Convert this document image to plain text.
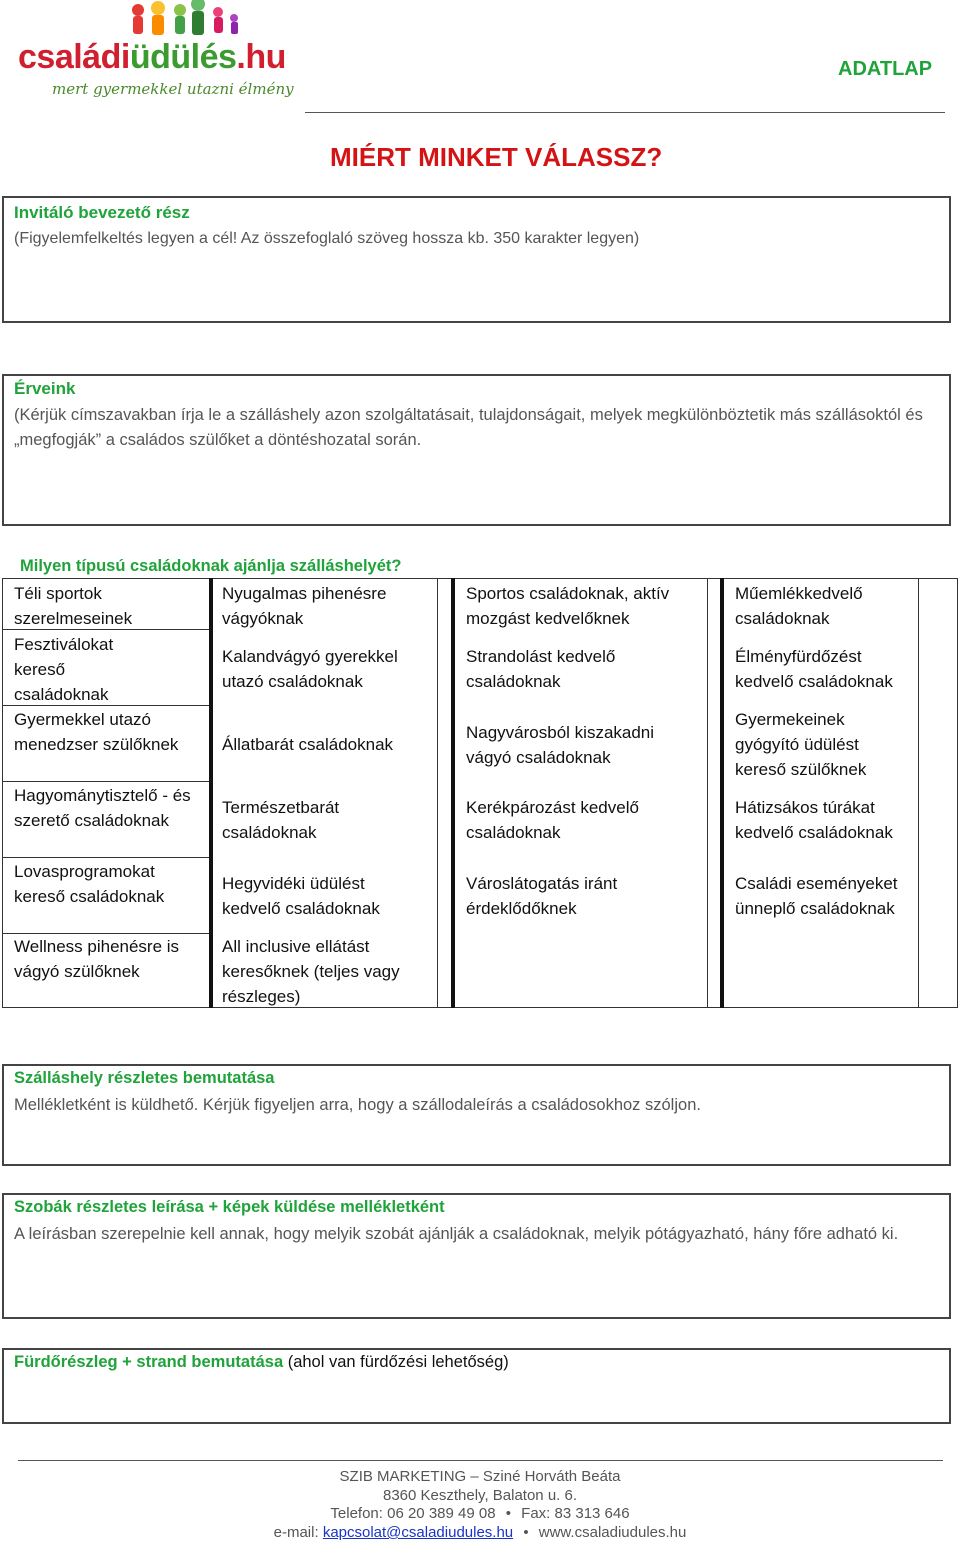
családiüdülés.hu
mert gyermekkel utazni élmény
ADATLAP
MIÉRT MINKET VÁLASSZ?
Invitáló bevezető rész
(Figyelemfelkeltés legyen a cél! Az összefoglaló szöveg hossza kb. 350 karakter legyen)
Érveink
(Kérjük címszavakban írja le a szálláshely azon szolgáltatásait, tulajdonságait, melyek megkülönböztetik más szállásoktól és „megfogják” a családos szülőket a döntéshozatal során.
Milyen típusú családoknak ajánlja szálláshelyét?
Téli sportok szerelmeseinek
Fesztiválokat kereső családoknak
Gyermekkel utazó menedzser szülőknek
Hagyománytisztelő - és szerető családoknak
Lovasprogramokat kereső családoknak
Wellness pihenésre is vágyó szülőknek
Nyugalmas pihenésre vágyóknak
Kalandvágyó gyerekkel utazó családoknak
Állatbarát családoknak
Természetbarát családoknak
Hegyvidéki üdülést kedvelő családoknak
All inclusive ellátást keresőknek (teljes vagy részleges)
Sportos családoknak, aktív mozgást kedvelőknek
Strandolást kedvelő családoknak
Nagyvárosból kiszakadni vágyó családoknak
Kerékpározást kedvelő családoknak
Városlátogatás iránt érdeklődőknek
Műemlékkedvelő családoknak
Élményfürdőzést kedvelő családoknak
Gyermekeinek gyógyító üdülést kereső szülőknek
Hátizsákos túrákat kedvelő családoknak
Családi eseményeket ünneplő családoknak
Szálláshely részletes bemutatása
Mellékletként is küldhető. Kérjük figyeljen arra, hogy a szállodaleírás a családosokhoz szóljon.
Szobák részletes leírása + képek küldése mellékletként
A leírásban szerepelnie kell annak, hogy melyik szobát ajánlják a családoknak, melyik pótágyazható, hány főre adható ki.
Fürdőrészleg + strand bemutatása (ahol van fürdőzési lehetőség)
SZIB MARKETING – Sziné Horváth Beáta
8360 Keszthely, Balaton u. 6.
Telefon: 06 20 389 49 08 • Fax: 83 313 646
e-mail: kapcsolat@csaladiudules.hu • www.csaladiudules.hu
